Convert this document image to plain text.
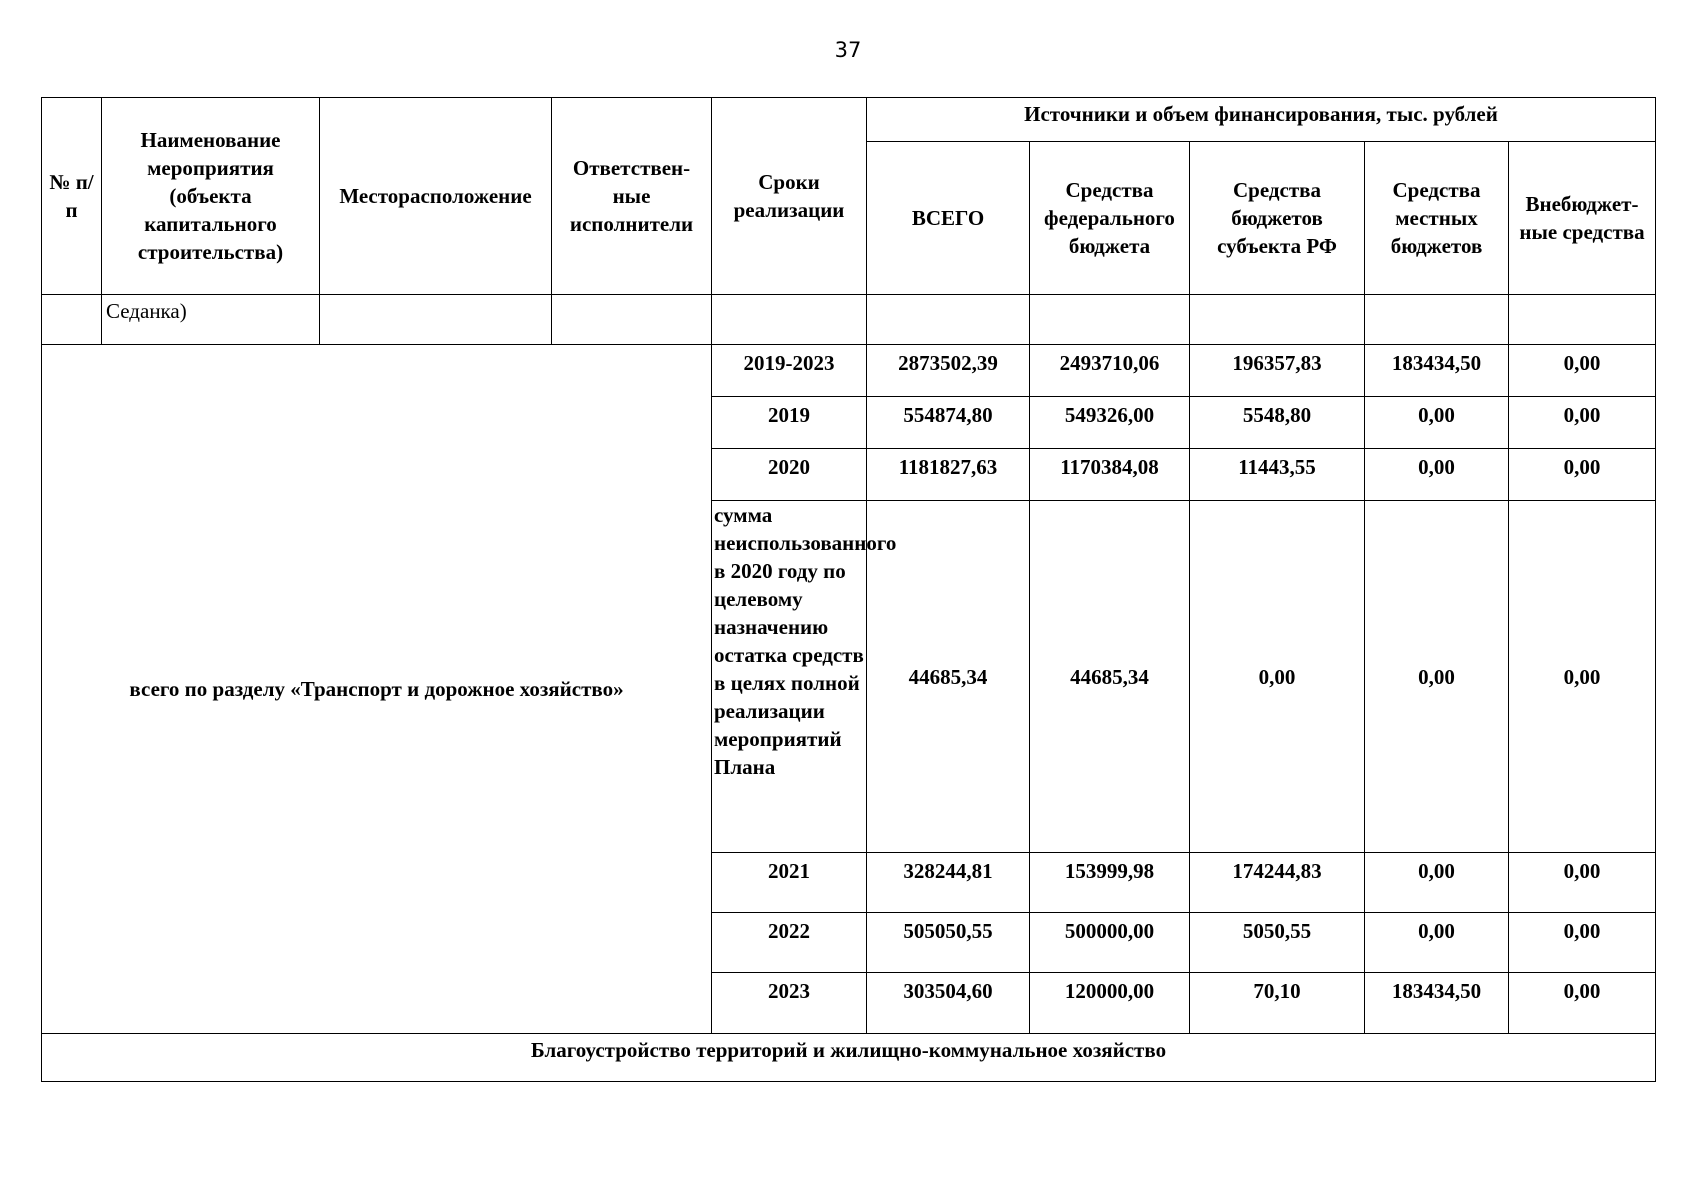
37
№ п/п	Наименование мероприятия (объекта капитального строительства)	Месторасположение	Ответствен-ные исполнители	Сроки реализации	Источники и объем финансирования, тыс. рублей				
					ВСЕГО	Средства федерального бюджета	Средства бюджетов субъекта РФ	Средства местных бюджетов	Внебюджет-ные средства
	Седанка)								
всего по разделу «Транспорт и дорожное хозяйство»				2019-2023	2873502,39	2493710,06	196357,83	183434,50	0,00
				2019	554874,80	549326,00	5548,80	0,00	0,00
				2020	1181827,63	1170384,08	11443,55	0,00	0,00
				сумма неиспользованного в 2020 году по целевому назначению остатка средств в целях полной реализации мероприятий Плана	44685,34	44685,34	0,00	0,00	0,00
				2021	328244,81	153999,98	174244,83	0,00	0,00
				2022	505050,55	500000,00	5050,55	0,00	0,00
				2023	303504,60	120000,00	70,10	183434,50	0,00
Благоустройство территорий и жилищно-коммунальное хозяйство									
